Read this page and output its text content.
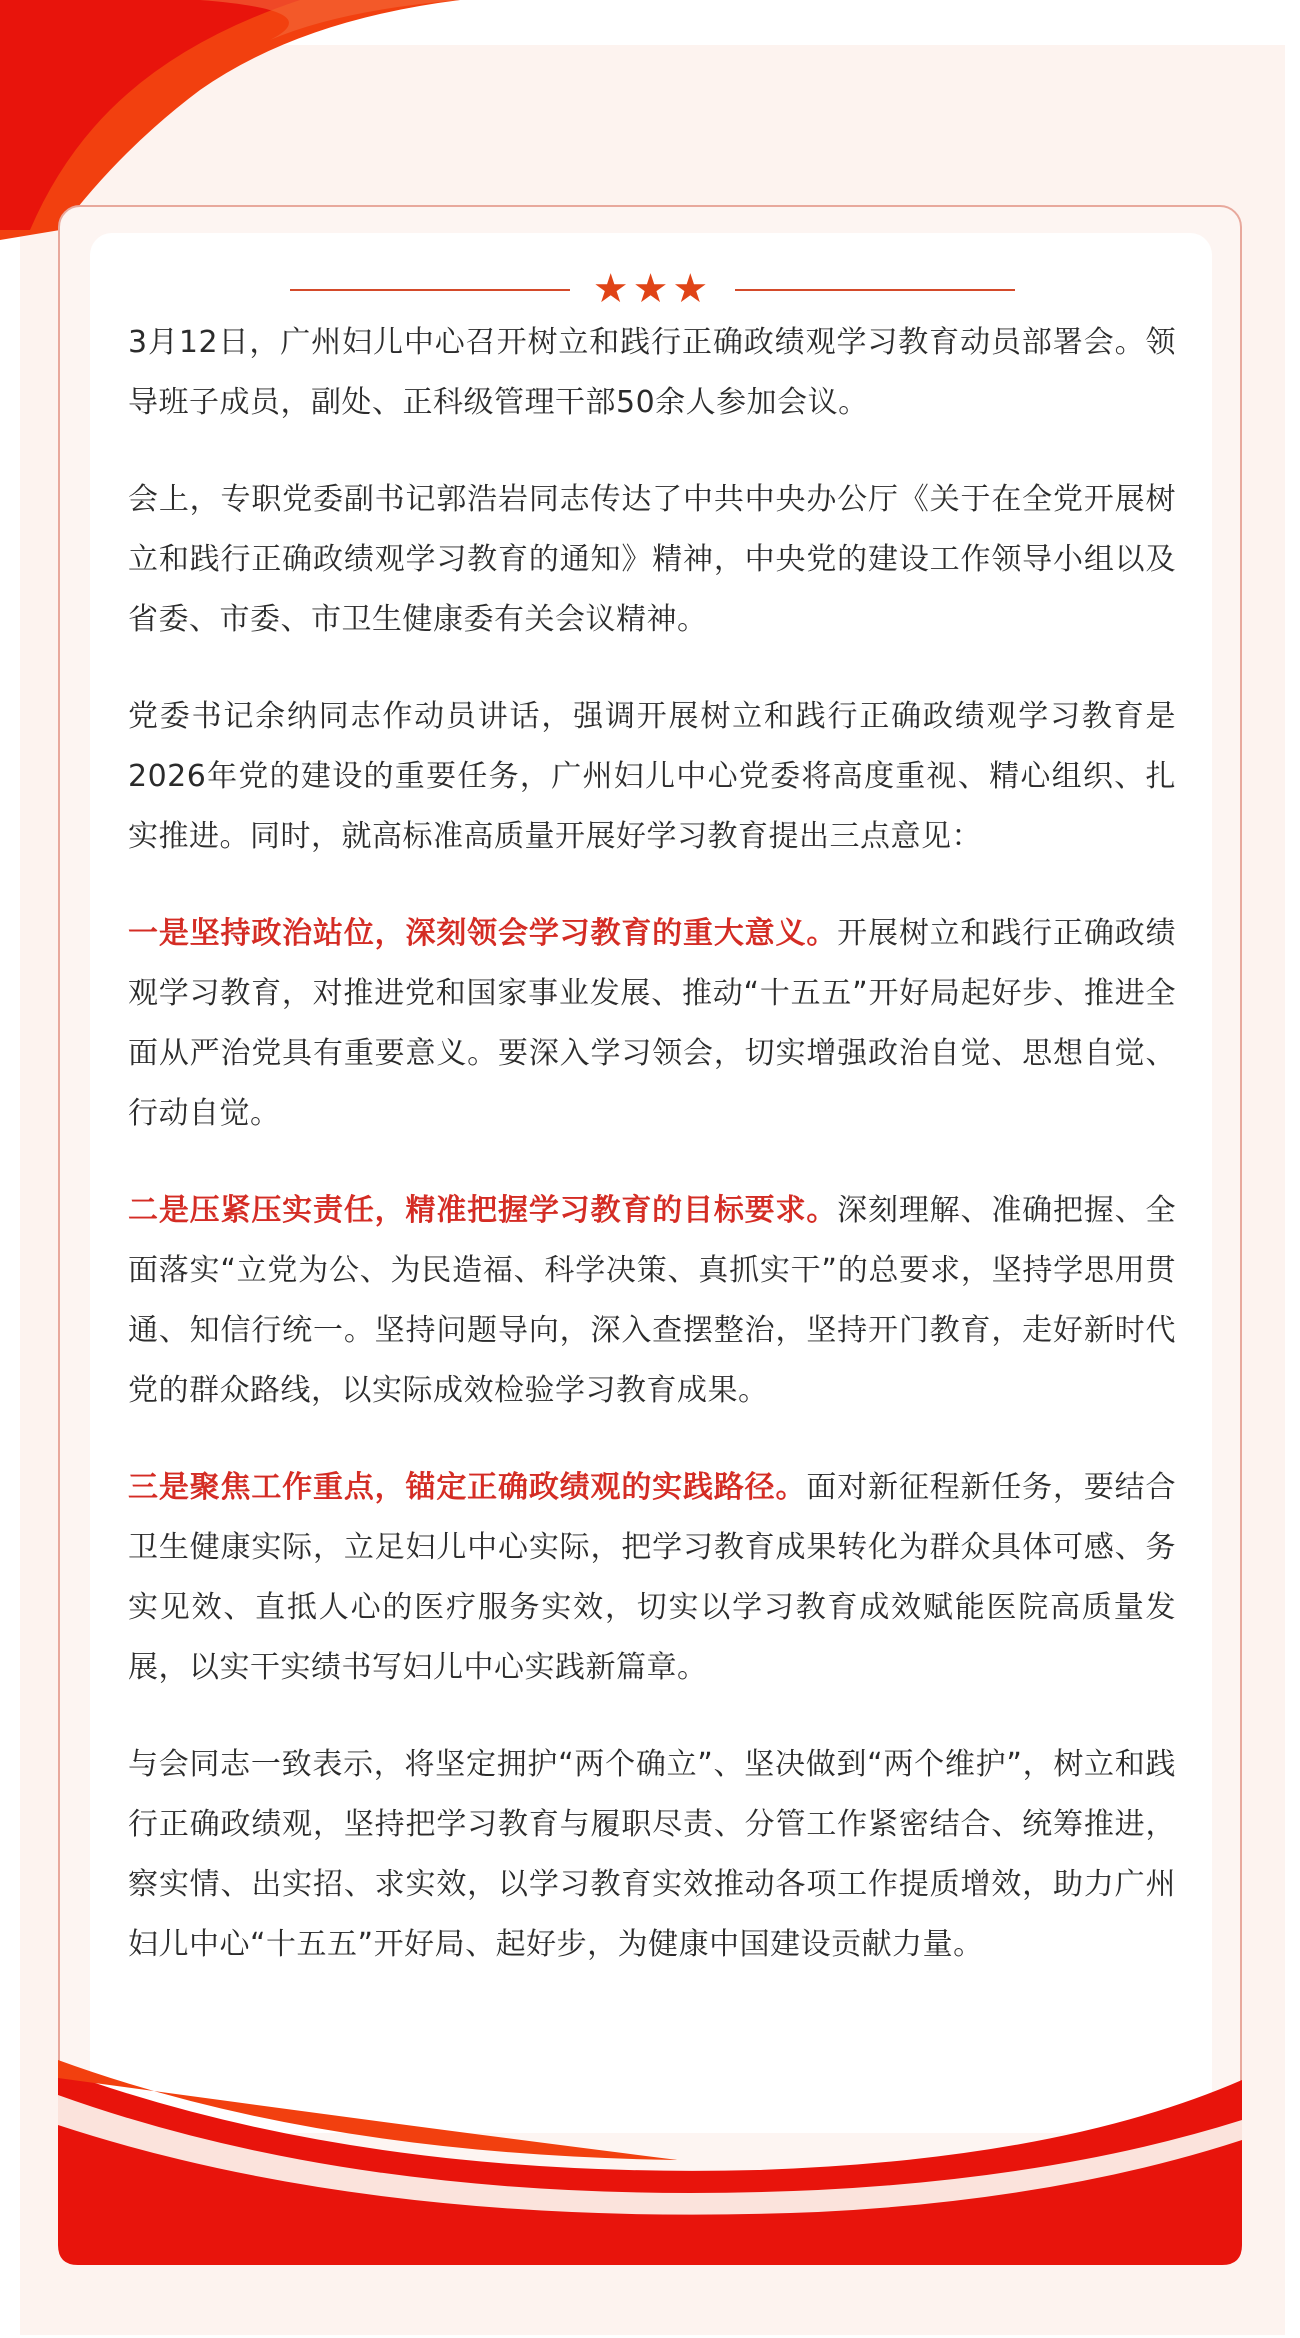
★★★

3月12日，广州妇儿中心召开树立和践行正确政绩观学习教育动员部署会。领导班子成员，副处、正科级管理干部50余人参加会议。

会上，专职党委副书记郭浩岩同志传达了中共中央办公厅《关于在全党开展树立和践行正确政绩观学习教育的通知》精神，中央党的建设工作领导小组以及省委、市委、市卫生健康委有关会议精神。

党委书记余纳同志作动员讲话，强调开展树立和践行正确政绩观学习教育是2026年党的建设的重要任务，广州妇儿中心党委将高度重视、精心组织、扎实推进。同时，就高标准高质量开展好学习教育提出三点意见：

一是坚持政治站位，深刻领会学习教育的重大意义。开展树立和践行正确政绩观学习教育，对推进党和国家事业发展、推动“十五五”开好局起好步、推进全面从严治党具有重要意义。要深入学习领会，切实增强政治自觉、思想自觉、行动自觉。

二是压紧压实责任，精准把握学习教育的目标要求。深刻理解、准确把握、全面落实“立党为公、为民造福、科学决策、真抓实干”的总要求，坚持学思用贯通、知信行统一。坚持问题导向，深入查摆整治，坚持开门教育，走好新时代党的群众路线，以实际成效检验学习教育成果。

三是聚焦工作重点，锚定正确政绩观的实践路径。面对新征程新任务，要结合卫生健康实际，立足妇儿中心实际，把学习教育成果转化为群众具体可感、务实见效、直抵人心的医疗服务实效，切实以学习教育成效赋能医院高质量发展，以实干实绩书写妇儿中心实践新篇章。

与会同志一致表示，将坚定拥护“两个确立”、坚决做到“两个维护”，树立和践行正确政绩观，坚持把学习教育与履职尽责、分管工作紧密结合、统筹推进，察实情、出实招、求实效，以学习教育实效推动各项工作提质增效，助力广州妇儿中心“十五五”开好局、起好步，为健康中国建设贡献力量。
